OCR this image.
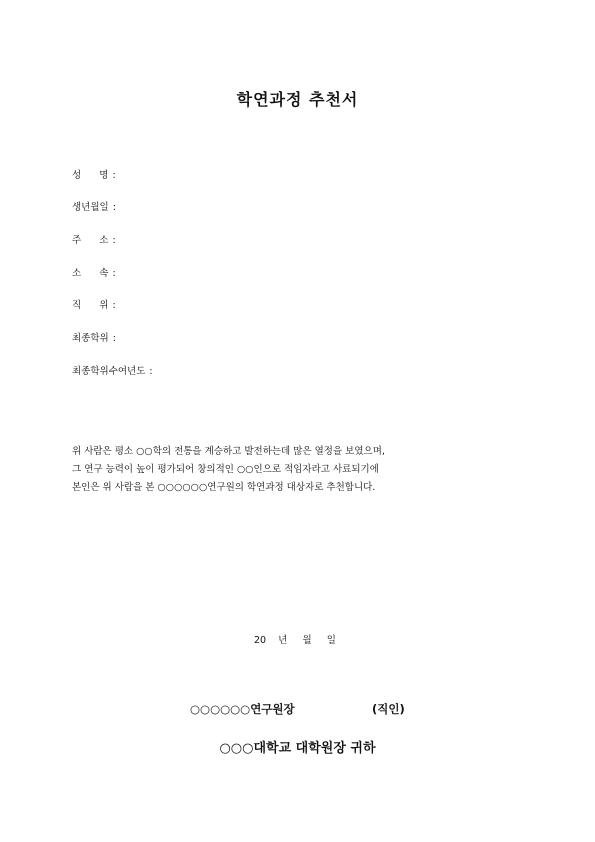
학연과정 추천서
성      명 :
생년월일 :
주      소 :
소      속 :
직      위 :
최종학위 :
최종학위수여년도 :
위 사람은 평소 ○○학의 전통을 계승하고 발전하는데 많은 열정을 보였으며,
그 연구 능력이 높이 평가되어 창의적인 ○○인으로 적임자라고 사료되기에
본인은 위 사람을 본 ○○○○○○연구원의 학연과정 대상자로 추천합니다.
20    년     월     일
○○○○○○연구원장	(직인)
○○○대학교 대학원장 귀하
